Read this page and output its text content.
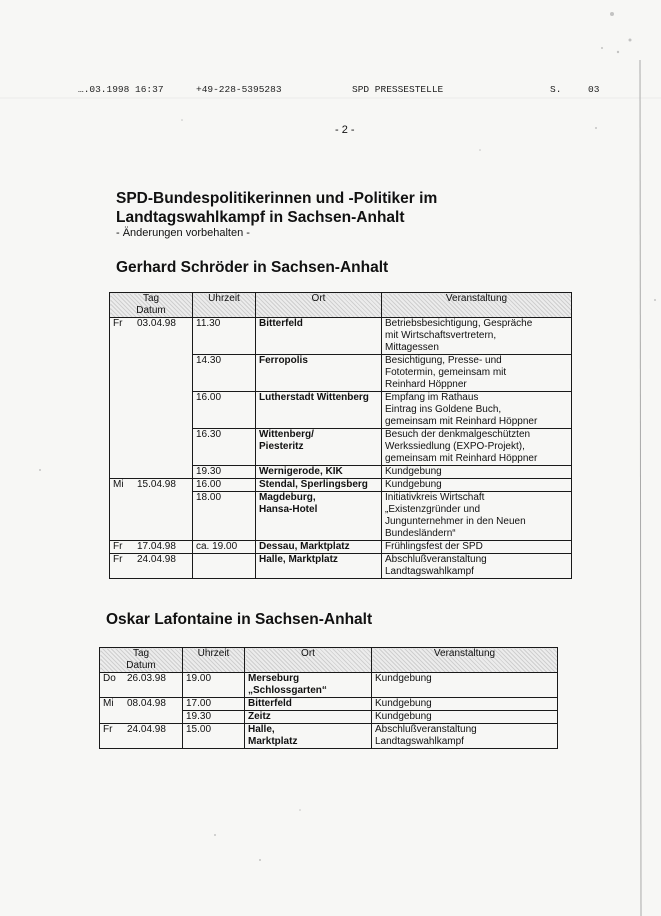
….03.1998 16:37	+49-228-5395283	SPD PRESSESTELLE	S.	03
- 2 -
SPD-Bundespolitikerinnen und -Politiker im Landtagswahlkampf in Sachsen-Anhalt
- Änderungen vorbehalten -
Gerhard Schröder in Sachsen-Anhalt
Tag
Datum	Uhrzeit	Ort	Veranstaltung

Fr 03.04.98	11.30	Bitterfeld	Betriebsbesichtigung, Gespräche
mit Wirtschaftsvertretern,
Mittagessen

	14.30	Ferropolis	Besichtigung, Presse- und
Fototermin, gemeinsam mit
Reinhard Höppner

	16.00	Lutherstadt Wittenberg	Empfang im Rathaus
Eintrag ins Goldene Buch,
gemeinsam mit Reinhard Höppner

	16.30	Wittenberg/
Piesteritz	Besuch der denkmalgeschützten
Werkssiedlung (EXPO-Projekt),
gemeinsam mit Reinhard Höppner

	19.30	Wernigerode, KIK	Kundgebung

Mi 15.04.98	16.00	Stendal, Sperlingsberg	Kundgebung

	18.00	Magdeburg,
Hansa-Hotel	Initiativkreis Wirtschaft
„Existenzgründer und
Jungunternehmer in den Neuen
Bundesländern“

Fr 17.04.98	ca. 19.00	Dessau, Marktplatz	Frühlingsfest der SPD

Fr 24.04.98		Halle, Marktplatz	Abschlußveranstaltung
Landtagswahlkampf
Oskar Lafontaine in Sachsen-Anhalt
Tag
Datum	Uhrzeit	Ort	Veranstaltung

Do 26.03.98	19.00	Merseburg
„Schlossgarten“	Kundgebung

Mi 08.04.98	17.00	Bitterfeld	Kundgebung

	19.30	Zeitz	Kundgebung

Fr 24.04.98	15.00	Halle,
Marktplatz	Abschlußveranstaltung
Landtagswahlkampf
